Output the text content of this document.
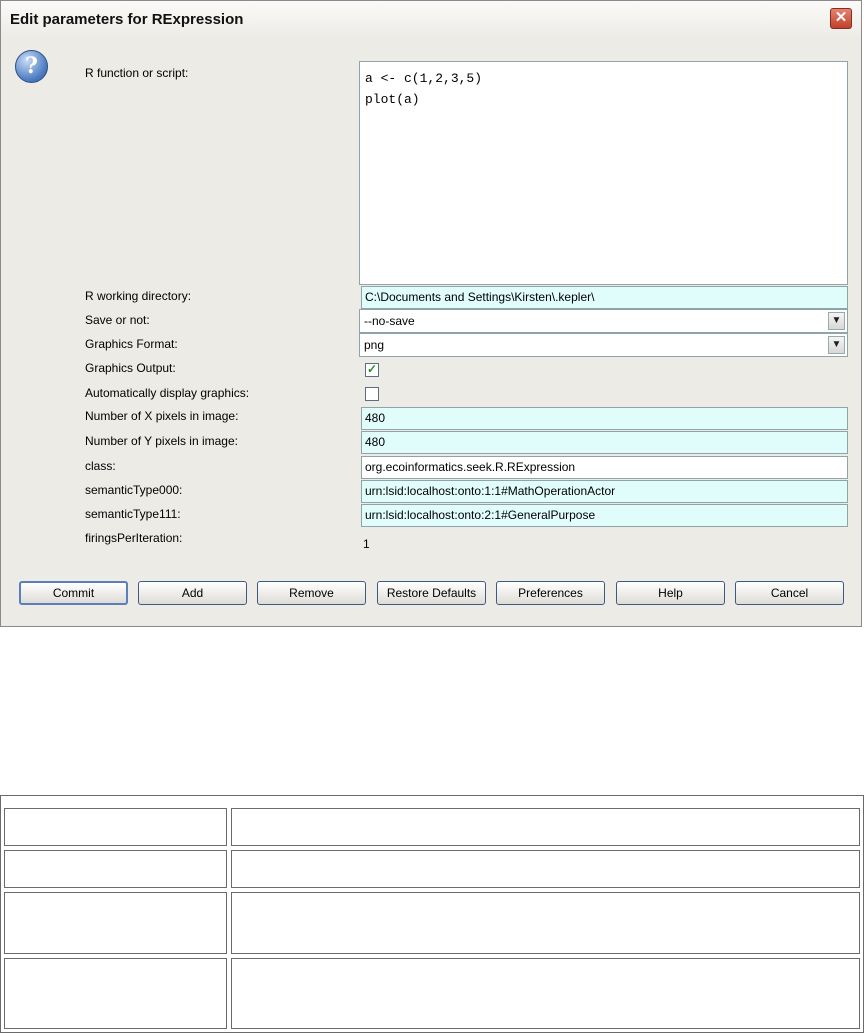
Edit parameters for RExpression	✕
?	R function or script:	a <- c(1,2,3,5)
plot(a)
R working directory:	C:\Documents and Settings\Kirsten\.kepler\
Save or not:	--no-save	▼
Graphics Format:	png	▼
Graphics Output:	✓
Automatically display graphics:
Number of X pixels in image:	480
Number of Y pixels in image:	480
class:	org.ecoinformatics.seek.R.RExpression
semanticType000:	urn:lsid:localhost:onto:1:1#MathOperationActor
semanticType111:	urn:lsid:localhost:onto:2:1#GeneralPurpose
firingsPerIteration:	1
Commit	Add	Remove	Restore Defaults	Preferences	Help	Cancel
